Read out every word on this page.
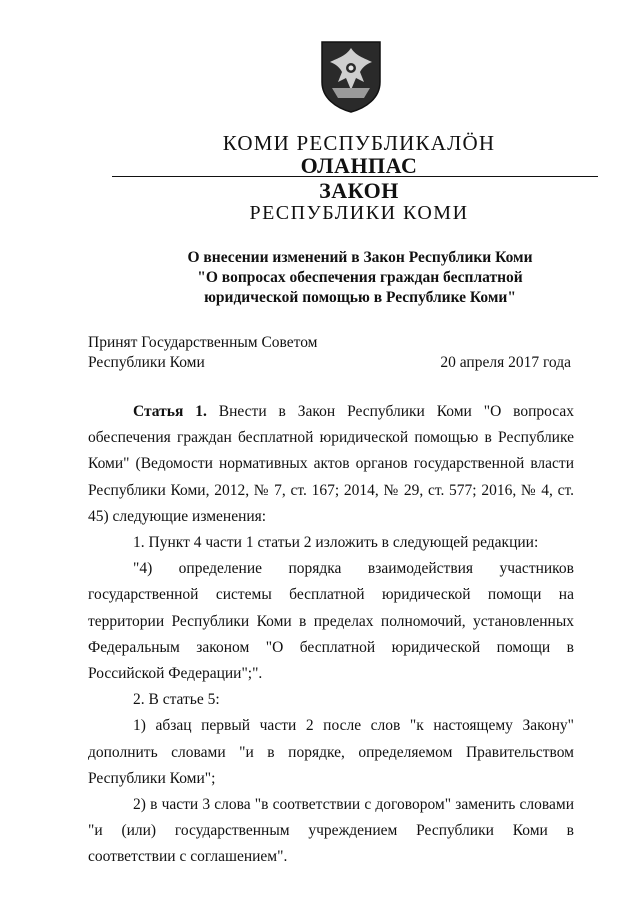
КОМИ РЕСПУБЛИКАЛӦН
ОЛАНПАС
ЗАКОН
РЕСПУБЛИКИ КОМИ
О внесении изменений в Закон Республики Коми
"О вопросах обеспечения граждан бесплатной
юридической помощью в Республике Коми"
Принят Государственным Советом
Республики Коми	20 апреля 2017 года

Статья 1. Внести в Закон Республики Коми "О вопросах обеспечения граждан бесплатной юридической помощью в Республике Коми" (Ведомости нормативных актов органов государственной власти Республики Коми, 2012, № 7, ст. 167; 2014, № 29, ст. 577; 2016, № 4, ст. 45) следующие изменения:

1. Пункт 4 части 1 статьи 2 изложить в следующей редакции:

"4) определение порядка взаимодействия участников государственной системы бесплатной юридической помощи на территории Республики Коми в пределах полномочий, установленных Федеральным законом "О бесплатной юридической помощи в Российской Федерации";".

2. В статье 5:

1) абзац первый части 2 после слов "к настоящему Закону" дополнить словами "и в порядке, определяемом Правительством Республики Коми";

2) в части 3 слова "в соответствии с договором" заменить словами "и (или) государственным учреждением Республики Коми в соответствии с соглашением".
